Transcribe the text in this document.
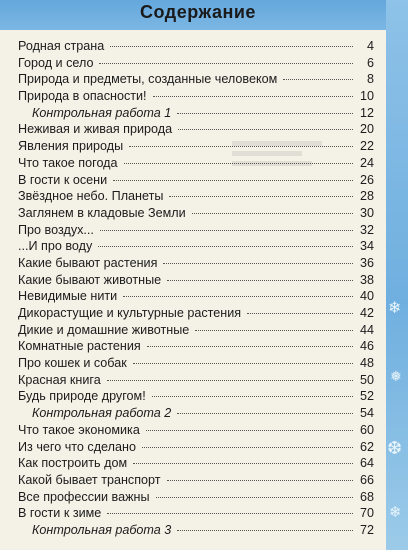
Содержание
❄
❅
❆
❄
Родная страна	4
Город и село	6
Природа и предметы, созданные человеком	8
Природа в опасности!	10
Контрольная работа 1	12
Неживая и живая природа	20
Явления природы	22
Что такое погода	24
В гости к осени	26
Звёздное небо. Планеты	28
Заглянем в кладовые Земли	30
Про воздух...	32
...И про воду	34
Какие бывают растения	36
Какие бывают животные	38
Невидимые нити	40
Дикорастущие и культурные растения	42
Дикие и домашние животные	44
Комнатные растения	46
Про кошек и собак	48
Красная книга	50
Будь природе другом!	52
Контрольная работа 2	54
Что такое экономика	60
Из чего что сделано	62
Как построить дом	64
Какой бывает транспорт	66
Все профессии важны	68
В гости к зиме	70
Контрольная работа 3	72
